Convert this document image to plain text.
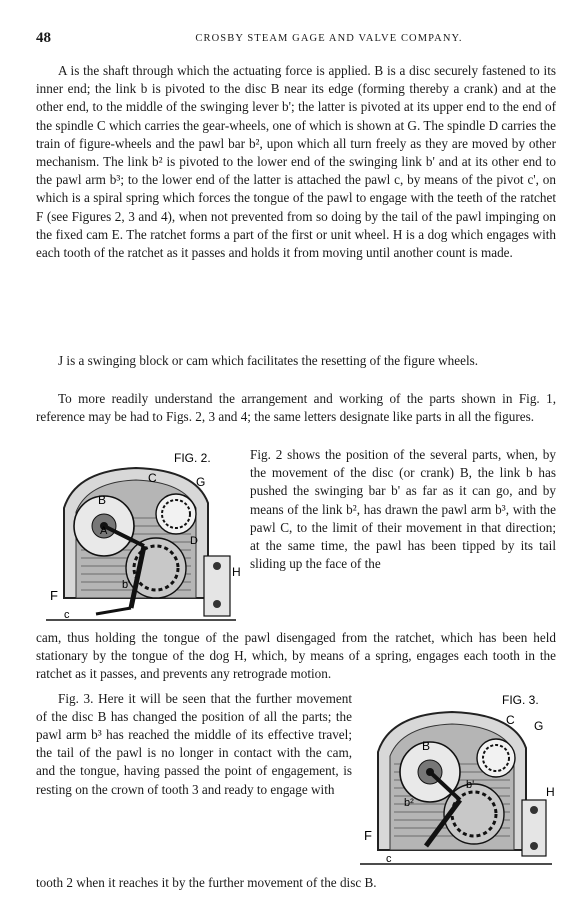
48	CROSBY STEAM GAGE AND VALVE COMPANY.

A is the shaft through which the actuating force is applied. B is a disc securely fastened to its inner end; the link b is pivoted to the disc B near its edge (forming thereby a crank) and at the other end, to the middle of the swinging lever b'; the latter is pivoted at its upper end to the end of the spindle C which carries the gear-wheels, one of which is shown at G. The spindle D carries the train of figure-wheels and the pawl bar b², upon which all turn freely as they are moved by other mechanism. The link b² is pivoted to the lower end of the swinging link b' and at its other end to the pawl arm b³; to the lower end of the latter is attached the pawl c, by means of the pivot c', on which is a spiral spring which forces the tongue of the pawl to engage with the teeth of the ratchet F (see Figures 2, 3 and 4), when not prevented from so doing by the tail of the pawl impinging on the fixed cam E. The ratchet forms a part of the first or unit wheel. H is a dog which engages with each tooth of the ratchet as it passes and holds it from moving until another count is made.

J is a swinging block or cam which facilitates the resetting of the figure wheels.

To more readily understand the arrangement and working of the parts shown in Fig. 1, reference may be had to Figs. 2, 3 and 4; the same letters designate like parts in all the figures.

FIG. 2.
C	G
B
A
D
H
b'
F
c

Fig. 2 shows the position of the several parts, when, by the movement of the disc (or crank) B, the link b has pushed the swinging bar b' as far as it can go, and by means of the link b², has drawn the pawl arm b³, with the pawl C, to the limit of their movement in that direction; at the same time, the pawl has been tipped by its tail sliding up the face of the

cam, thus holding the tongue of the pawl disengaged from the ratchet, which has been held stationary by the tongue of the dog H, which, by means of a spring, engages each tooth in the ratchet as it passes, and prevents any retrograde motion.

Fig. 3. Here it will be seen that the further movement of the disc B has changed the position of all the parts; the pawl arm b³ has reached the middle of its effective travel; the tail of the pawl is no longer in contact with the cam, and the tongue, having passed the point of engagement, is resting on the crown of tooth 3 and ready to engage with

FIG. 3.
C G
B
b'
b²
H
F
c
tooth 2 when it reaches it by the further movement of the disc B.
